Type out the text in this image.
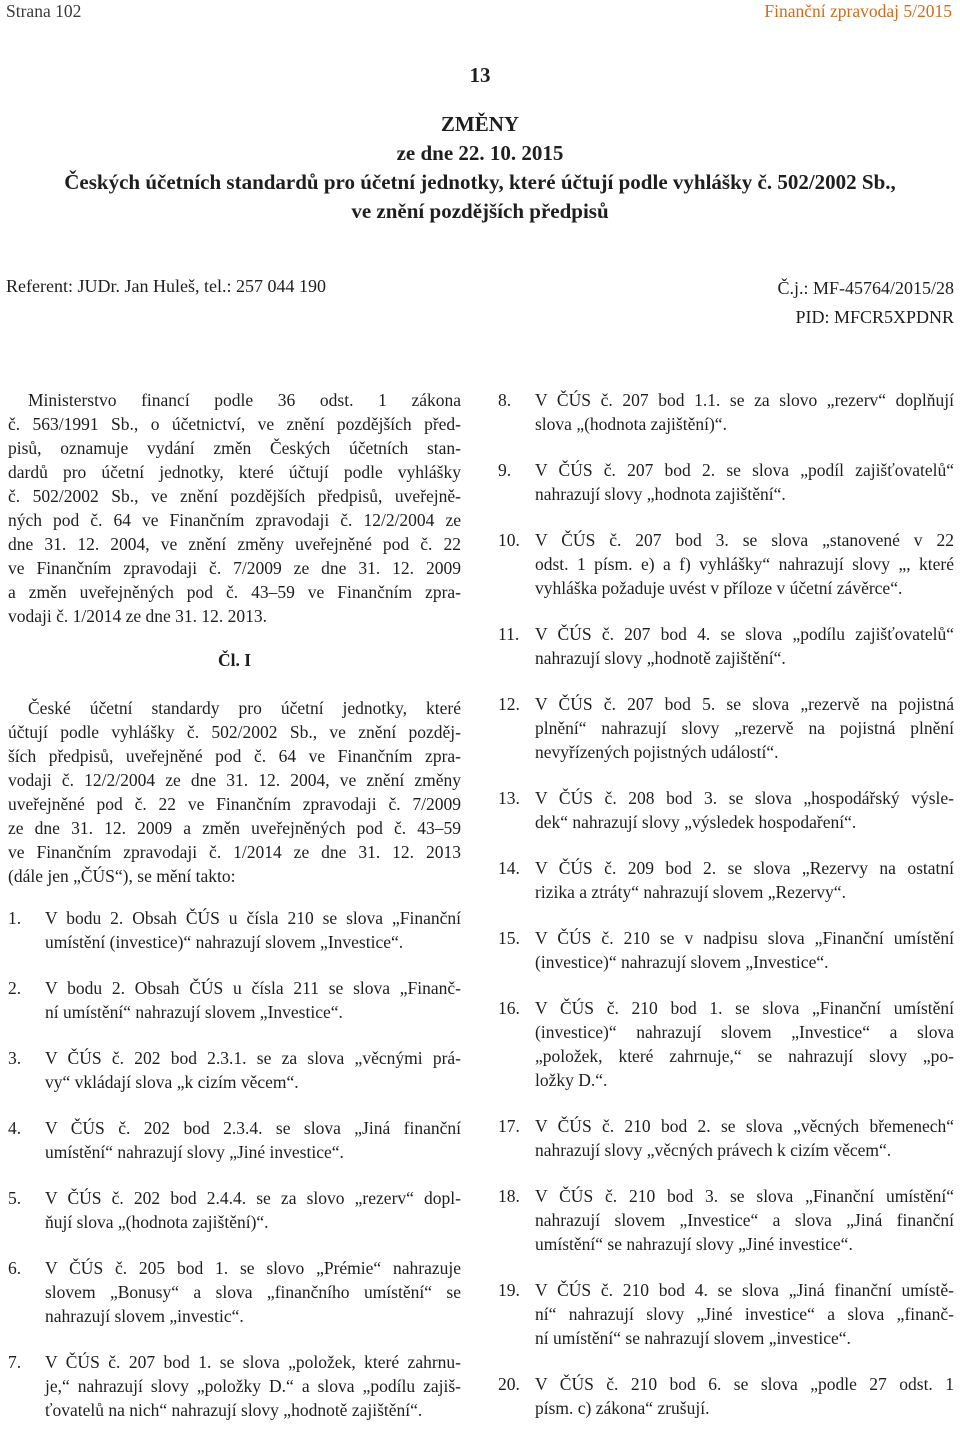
Strana 102	Finanční zpravodaj 5/2015
13
ZMĚNY
ze dne 22. 10. 2015
Českých účetních standardů pro účetní jednotky, které účtují podle vyhlášky č. 502/2002 Sb.,
ve znění pozdějších předpisů
Referent: JUDr. Jan Huleš, tel.: 257 044 190	Č.j.: MF-45764/2015/28
PID: MFCR5XPDNR
Ministerstvo financí podle 36 odst. 1 zákona
č. 563/1991 Sb., o účetnictví, ve znění pozdějších před-
pisů, oznamuje vydání změn Českých účetních stan-
dardů pro účetní jednotky, které účtují podle vyhlášky
č. 502/2002 Sb., ve znění pozdějších předpisů, uveřejně-
ných pod č. 64 ve Finančním zpravodaji č. 12/2/2004 ze
dne 31. 12. 2004, ve znění změny uveřejněné pod č. 22
ve Finančním zpravodaji č. 7/2009 ze dne 31. 12. 2009
a změn uveřejněných pod č. 43–59 ve Finančním zpra-
vodaji č. 1/2014 ze dne 31. 12. 2013.
Čl. I
České účetní standardy pro účetní jednotky, které
účtují podle vyhlášky č. 502/2002 Sb., ve znění pozděj-
ších předpisů, uveřejněné pod č. 64 ve Finančním zpra-
vodaji č. 12/2/2004 ze dne 31. 12. 2004, ve znění změny
uveřejněné pod č. 22 ve Finančním zpravodaji č. 7/2009
ze dne 31. 12. 2009 a změn uveřejněných pod č. 43–59
ve Finančním zpravodaji č. 1/2014 ze dne 31. 12. 2013
(dále jen „ČÚS“), se mění takto:
1.	V bodu 2. Obsah ČÚS u čísla 210 se slova „Finanční
umístění (investice)“ nahrazují slovem „Investice“.
2.	V bodu 2. Obsah ČÚS u čísla 211 se slova „Finanč-
ní umístění“ nahrazují slovem „Investice“.
3.	V ČÚS č. 202 bod 2.3.1. se za slova „věcnými prá-
vy“ vkládají slova „k cizím věcem“.
4.	V ČÚS č. 202 bod 2.3.4. se slova „Jiná finanční
umístění“ nahrazují slovy „Jiné investice“.
5.	V ČÚS č. 202 bod 2.4.4. se za slovo „rezerv“ dopl-
ňují slova „(hodnota zajištění)“.
6.	V ČÚS č. 205 bod 1. se slovo „Prémie“ nahrazuje
slovem „Bonusy“ a slova „finančního umístění“ se
nahrazují slovem „investic“.
7.	V ČÚS č. 207 bod 1. se slova „položek, které zahrnu-
je,“ nahrazují slovy „položky D.“ a slova „podílu zajiš-
ťovatelů na nich“ nahrazují slovy „hodnotě zajištění“.
8.	V ČÚS č. 207 bod 1.1. se za slovo „rezerv“ doplňují
slova „(hodnota zajištění)“.
9.	V ČÚS č. 207 bod 2. se slova „podíl zajišťovatelů“
nahrazují slovy „hodnota zajištění“.
10. V ČÚS č. 207 bod 3. se slova „stanovené v 22
odst. 1 písm. e) a f) vyhlášky“ nahrazují slovy „, které
vyhláška požaduje uvést v příloze v účetní závěrce“.
11. V ČÚS č. 207 bod 4. se slova „podílu zajišťovatelů“
nahrazují slovy „hodnotě zajištění“.
12. V ČÚS č. 207 bod 5. se slova „rezervě na pojistná
plnění“ nahrazují slovy „rezervě na pojistná plnění
nevyřízených pojistných událostí“.
13. V ČÚS č. 208 bod 3. se slova „hospodářský výsle-
dek“ nahrazují slovy „výsledek hospodaření“.
14. V ČÚS č. 209 bod 2. se slova „Rezervy na ostatní
rizika a ztráty“ nahrazují slovem „Rezervy“.
15. V ČÚS č. 210 se v nadpisu slova „Finanční umístění
(investice)“ nahrazují slovem „Investice“.
16. V ČÚS č. 210 bod 1. se slova „Finanční umístění
(investice)“ nahrazují slovem „Investice“ a slova
„položek, které zahrnuje,“ se nahrazují slovy „po-
ložky D.“.
17. V ČÚS č. 210 bod 2. se slova „věcných břemenech“
nahrazují slovy „věcných právech k cizím věcem“.
18. V ČÚS č. 210 bod 3. se slova „Finanční umístění“
nahrazují slovem „Investice“ a slova „Jiná finanční
umístění“ se nahrazují slovy „Jiné investice“.
19. V ČÚS č. 210 bod 4. se slova „Jiná finanční umístě-
ní“ nahrazují slovy „Jiné investice“ a slova „finanč-
ní umístění“ se nahrazují slovem „investice“.
20. V ČÚS č. 210 bod 6. se slova „podle 27 odst. 1
písm. c) zákona“ zrušují.
